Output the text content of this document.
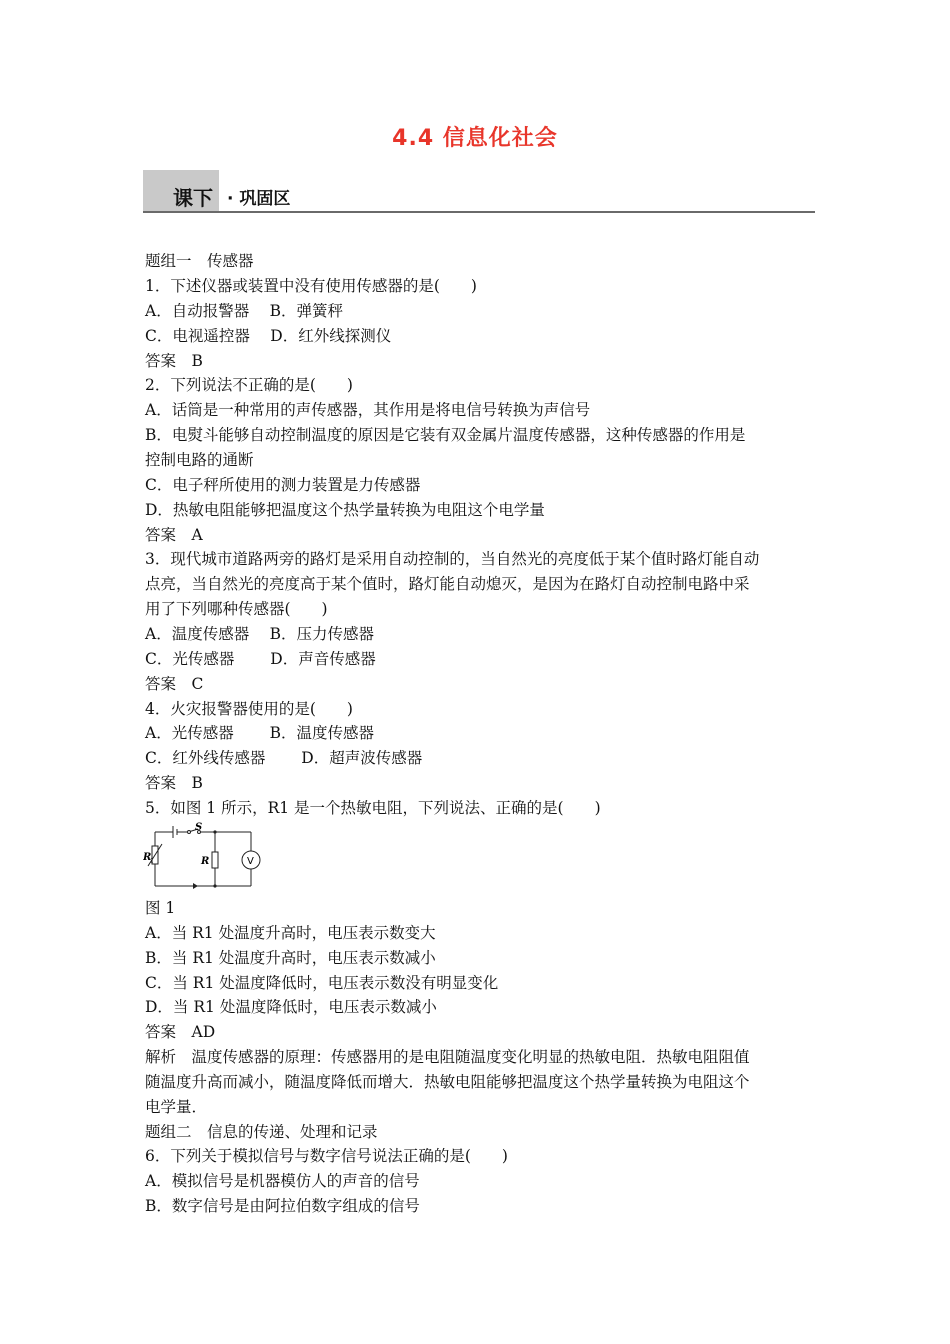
4.4 信息化社会
课下 · 巩固区
题组一　传感器
1．下述仪器或装置中没有使用传感器的是(　　)
A．自动报警器　 B．弹簧秤
C．电视遥控器　 D．红外线探测仪
答案　B
2．下列说法不正确的是(　　)
A．话筒是一种常用的声传感器，其作用是将电信号转换为声信号
B．电熨斗能够自动控制温度的原因是它装有双金属片温度传感器，这种传感器的作用是
控制电路的通断
C．电子秤所使用的测力装置是力传感器
D．热敏电阻能够把温度这个热学量转换为电阻这个电学量
答案　A
3．现代城市道路两旁的路灯是采用自动控制的，当自然光的亮度低于某个值时路灯能自动
点亮，当自然光的亮度高于某个值时，路灯能自动熄灭，是因为在路灯自动控制电路中采
用了下列哪种传感器(　　)
A．温度传感器　 B．压力传感器
C．光传感器　　 D．声音传感器
答案　C
4．火灾报警器使用的是(　　)
A．光传感器　　 B．温度传感器
C．红外线传感器　　 D．超声波传感器
答案　B
5．如图 1 所示，R1 是一个热敏电阻，下列说法、正确的是(　　)
S
R
1	R	V
图 1
A．当 R1 处温度升高时，电压表示数变大
B．当 R1 处温度升高时，电压表示数减小
C．当 R1 处温度降低时，电压表示数没有明显变化
D．当 R1 处温度降低时，电压表示数减小
答案　AD
解析　温度传感器的原理：传感器用的是电阻随温度变化明显的热敏电阻．热敏电阻阻值
随温度升高而减小，随温度降低而增大．热敏电阻能够把温度这个热学量转换为电阻这个
电学量．
题组二　信息的传递、处理和记录
6．下列关于模拟信号与数字信号说法正确的是(　　)
A．模拟信号是机器模仿人的声音的信号
B．数字信号是由阿拉伯数字组成的信号
